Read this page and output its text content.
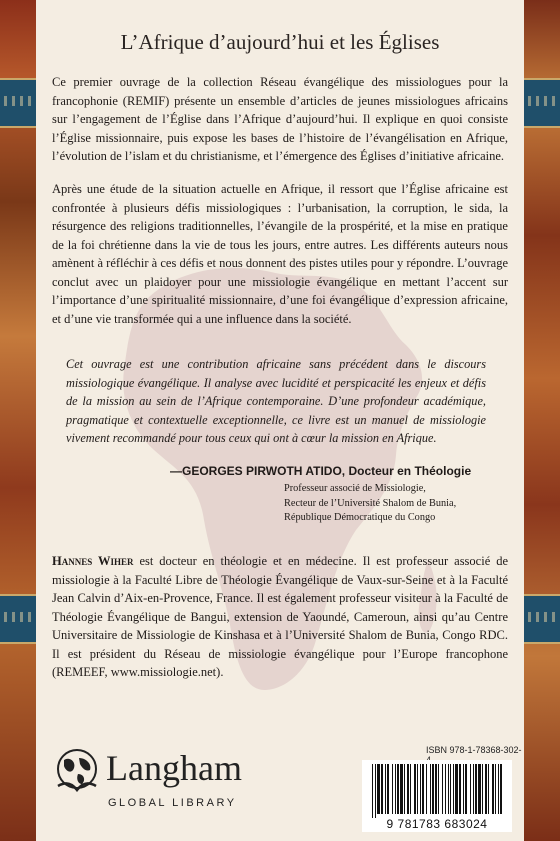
L’Afrique d’aujourd’hui et les Églises

Ce premier ouvrage de la collection Réseau évangélique des missiologues pour la francophonie (REMIF) présente un ensemble d’articles de jeunes missiologues africains sur l’engagement de l’Église dans l’Afrique d’aujourd’hui. Il explique en quoi consiste l’Église missionnaire, puis expose les bases de l’histoire de l’évangélisation en Afrique, l’évolution de l’islam et du christianisme, et l’émergence des Églises d’initiative africaine.

Après une étude de la situation actuelle en Afrique, il ressort que l’Église africaine est confrontée à plusieurs défis missiologiques : l’urbanisation, la corruption, le sida, la résurgence des religions traditionnelles, l’évangile de la prospérité, et la mise en pratique de la foi chrétienne dans la vie de tous les jours, entre autres. Les différents auteurs nous amènent à réfléchir à ces défis et nous donnent des pistes utiles pour y répondre. L’ouvrage conclut avec un plaidoyer pour une missiologie évangélique en mettant l’accent sur l’importance d’une spiritualité missionnaire, d’une foi évangélique d’expression africaine, et d’une vie transformée qui a une influence dans la société.

Cet ouvrage est une contribution africaine sans précédent dans le discours missiologique évangélique. Il analyse avec lucidité et perspicacité les enjeux et défis de la mission au sein de l’Afrique contemporaine. D’une profondeur académique, pragmatique et contextuelle exceptionnelle, ce livre est un manuel de missiologie vivement recommandé pour tous ceux qui ont à cœur la mission en Afrique.

—GEORGES PIRWOTH ATIDO, Docteur en Théologie
Professeur associé de Missiologie,
Recteur de l’Université Shalom de Bunia,
République Démocratique du Congo

Hannes Wiher est docteur en théologie et en médecine. Il est professeur associé de missiologie à la Faculté Libre de Théologie Évangélique de Vaux-sur-Seine et à la Faculté Jean Calvin d’Aix-en-Provence, France. Il est également professeur visiteur à la Faculté de Théologie Évangélique de Bangui, extension de Yaoundé, Cameroun, ainsi qu’au Centre Universitaire de Missiologie de Kinshasa et à l’Université Shalom de Bunia, Congo RDC. Il est président du Réseau de missiologie évangélique pour l’Europe francophone (REMEEF, www.missiologie.net).

Langham
GLOBAL LIBRARY
ISBN 978-1-78368-302-
9 781783 683024
